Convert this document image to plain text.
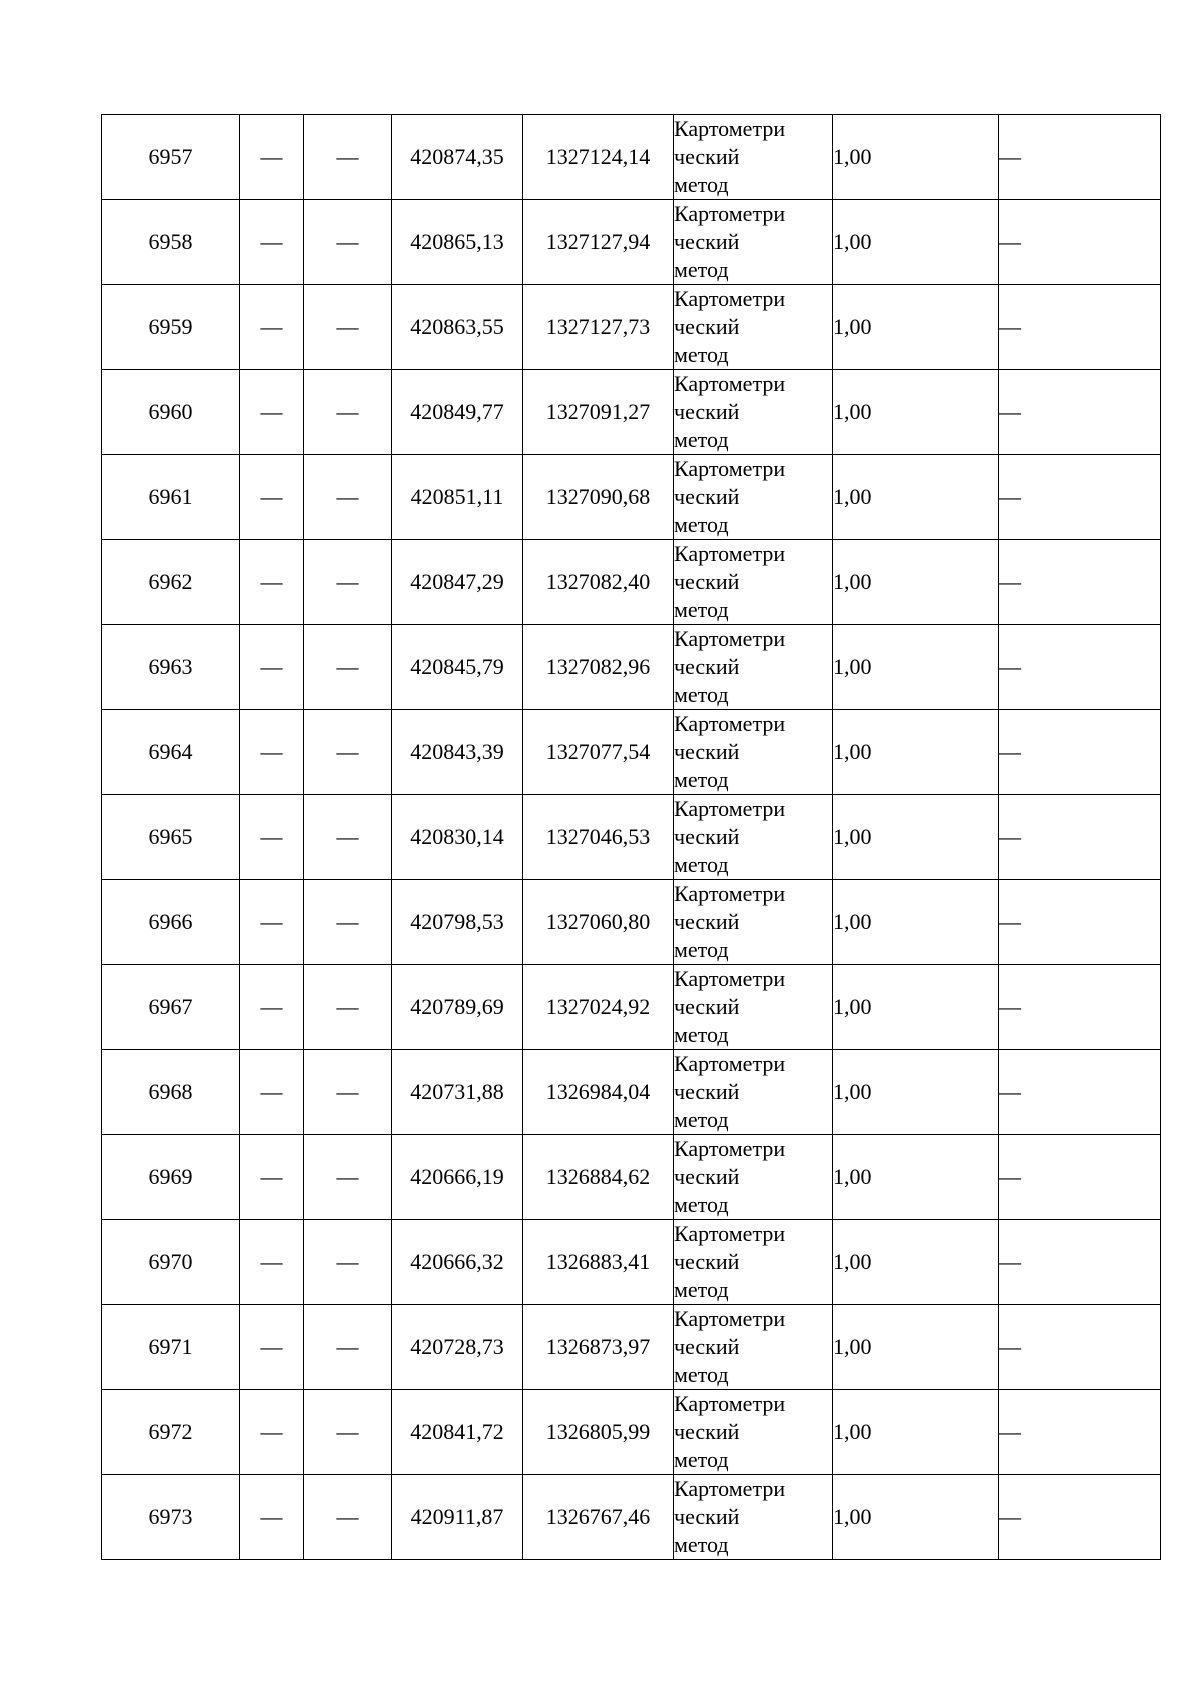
6957	—	—	420874,35	1327124,14	Картометри
ческий
метод	1,00	—
6958	—	—	420865,13	1327127,94	Картометри
ческий
метод	1,00	—
6959	—	—	420863,55	1327127,73	Картометри
ческий
метод	1,00	—
6960	—	—	420849,77	1327091,27	Картометри
ческий
метод	1,00	—
6961	—	—	420851,11	1327090,68	Картометри
ческий
метод	1,00	—
6962	—	—	420847,29	1327082,40	Картометри
ческий
метод	1,00	—
6963	—	—	420845,79	1327082,96	Картометри
ческий
метод	1,00	—
6964	—	—	420843,39	1327077,54	Картометри
ческий
метод	1,00	—
6965	—	—	420830,14	1327046,53	Картометри
ческий
метод	1,00	—
6966	—	—	420798,53	1327060,80	Картометри
ческий
метод	1,00	—
6967	—	—	420789,69	1327024,92	Картометри
ческий
метод	1,00	—
6968	—	—	420731,88	1326984,04	Картометри
ческий
метод	1,00	—
6969	—	—	420666,19	1326884,62	Картометри
ческий
метод	1,00	—
6970	—	—	420666,32	1326883,41	Картометри
ческий
метод	1,00	—
6971	—	—	420728,73	1326873,97	Картометри
ческий
метод	1,00	—
6972	—	—	420841,72	1326805,99	Картометри
ческий
метод	1,00	—
6973	—	—	420911,87	1326767,46	Картометри
ческий
метод	1,00	—
